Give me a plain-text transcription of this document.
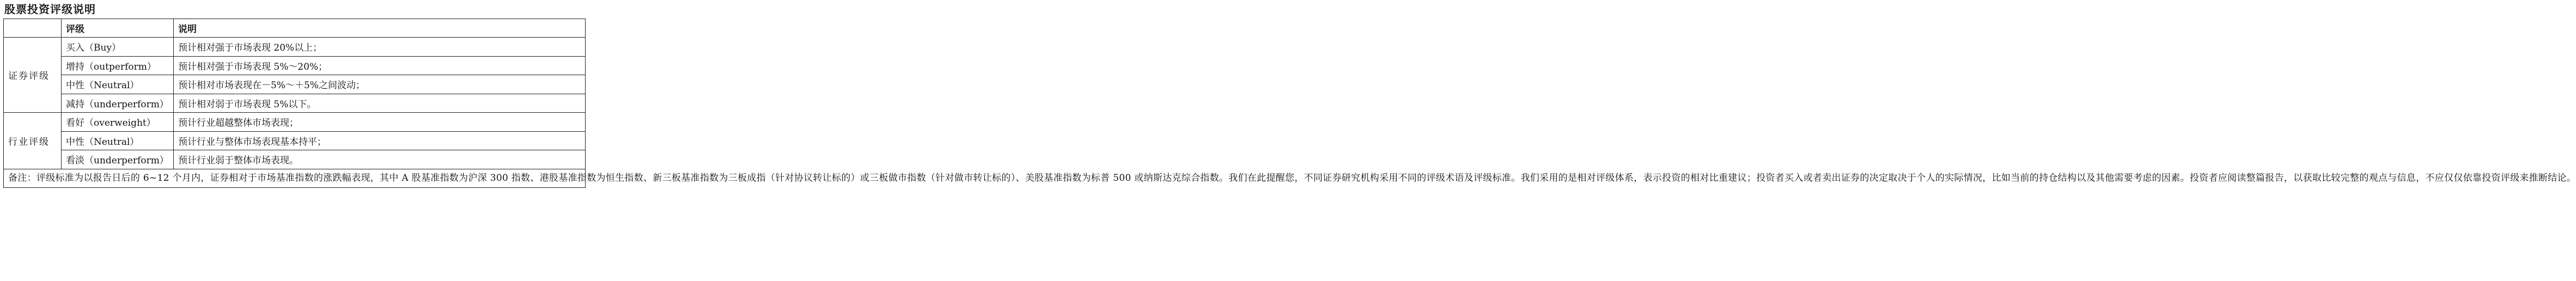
股票投资评级说明
	评级	说明
证券评级	买入（Buy）	预计相对强于市场表现 20%以上；
	增持（outperform）	预计相对强于市场表现 5%～20%；
	中性（Neutral）	预计相对市场表现在－5%～＋5%之间波动；
	减持（underperform）	预计相对弱于市场表现 5%以下。
行业评级	看好（overweight）	预计行业超越整体市场表现；
	中性（Neutral）	预计行业与整体市场表现基本持平；
	看淡（underperform）	预计行业弱于整体市场表现。
备注：评级标准为以报告日后的 6~12 个月内，证券相对于市场基准指数的涨跌幅表现，其中 A 股基准指数为沪深 300 指数、港股基准指数为恒生指数、新三板基准指数为三板成指（针对协议转让标的）或三板做市指数（针对做市转让标的）、美股基准指数为标普 500 或纳斯达克综合指数。我们在此提醒您，不同证券研究机构采用不同的评级术语及评级标准。我们采用的是相对评级体系，表示投资的相对比重建议；投资者买入或者卖出证券的决定取决于个人的实际情况，比如当前的持仓结构以及其他需要考虑的因素。投资者应阅读整篇报告，以获取比较完整的观点与信息，不应仅仅依靠投资评级来推断结论。		
